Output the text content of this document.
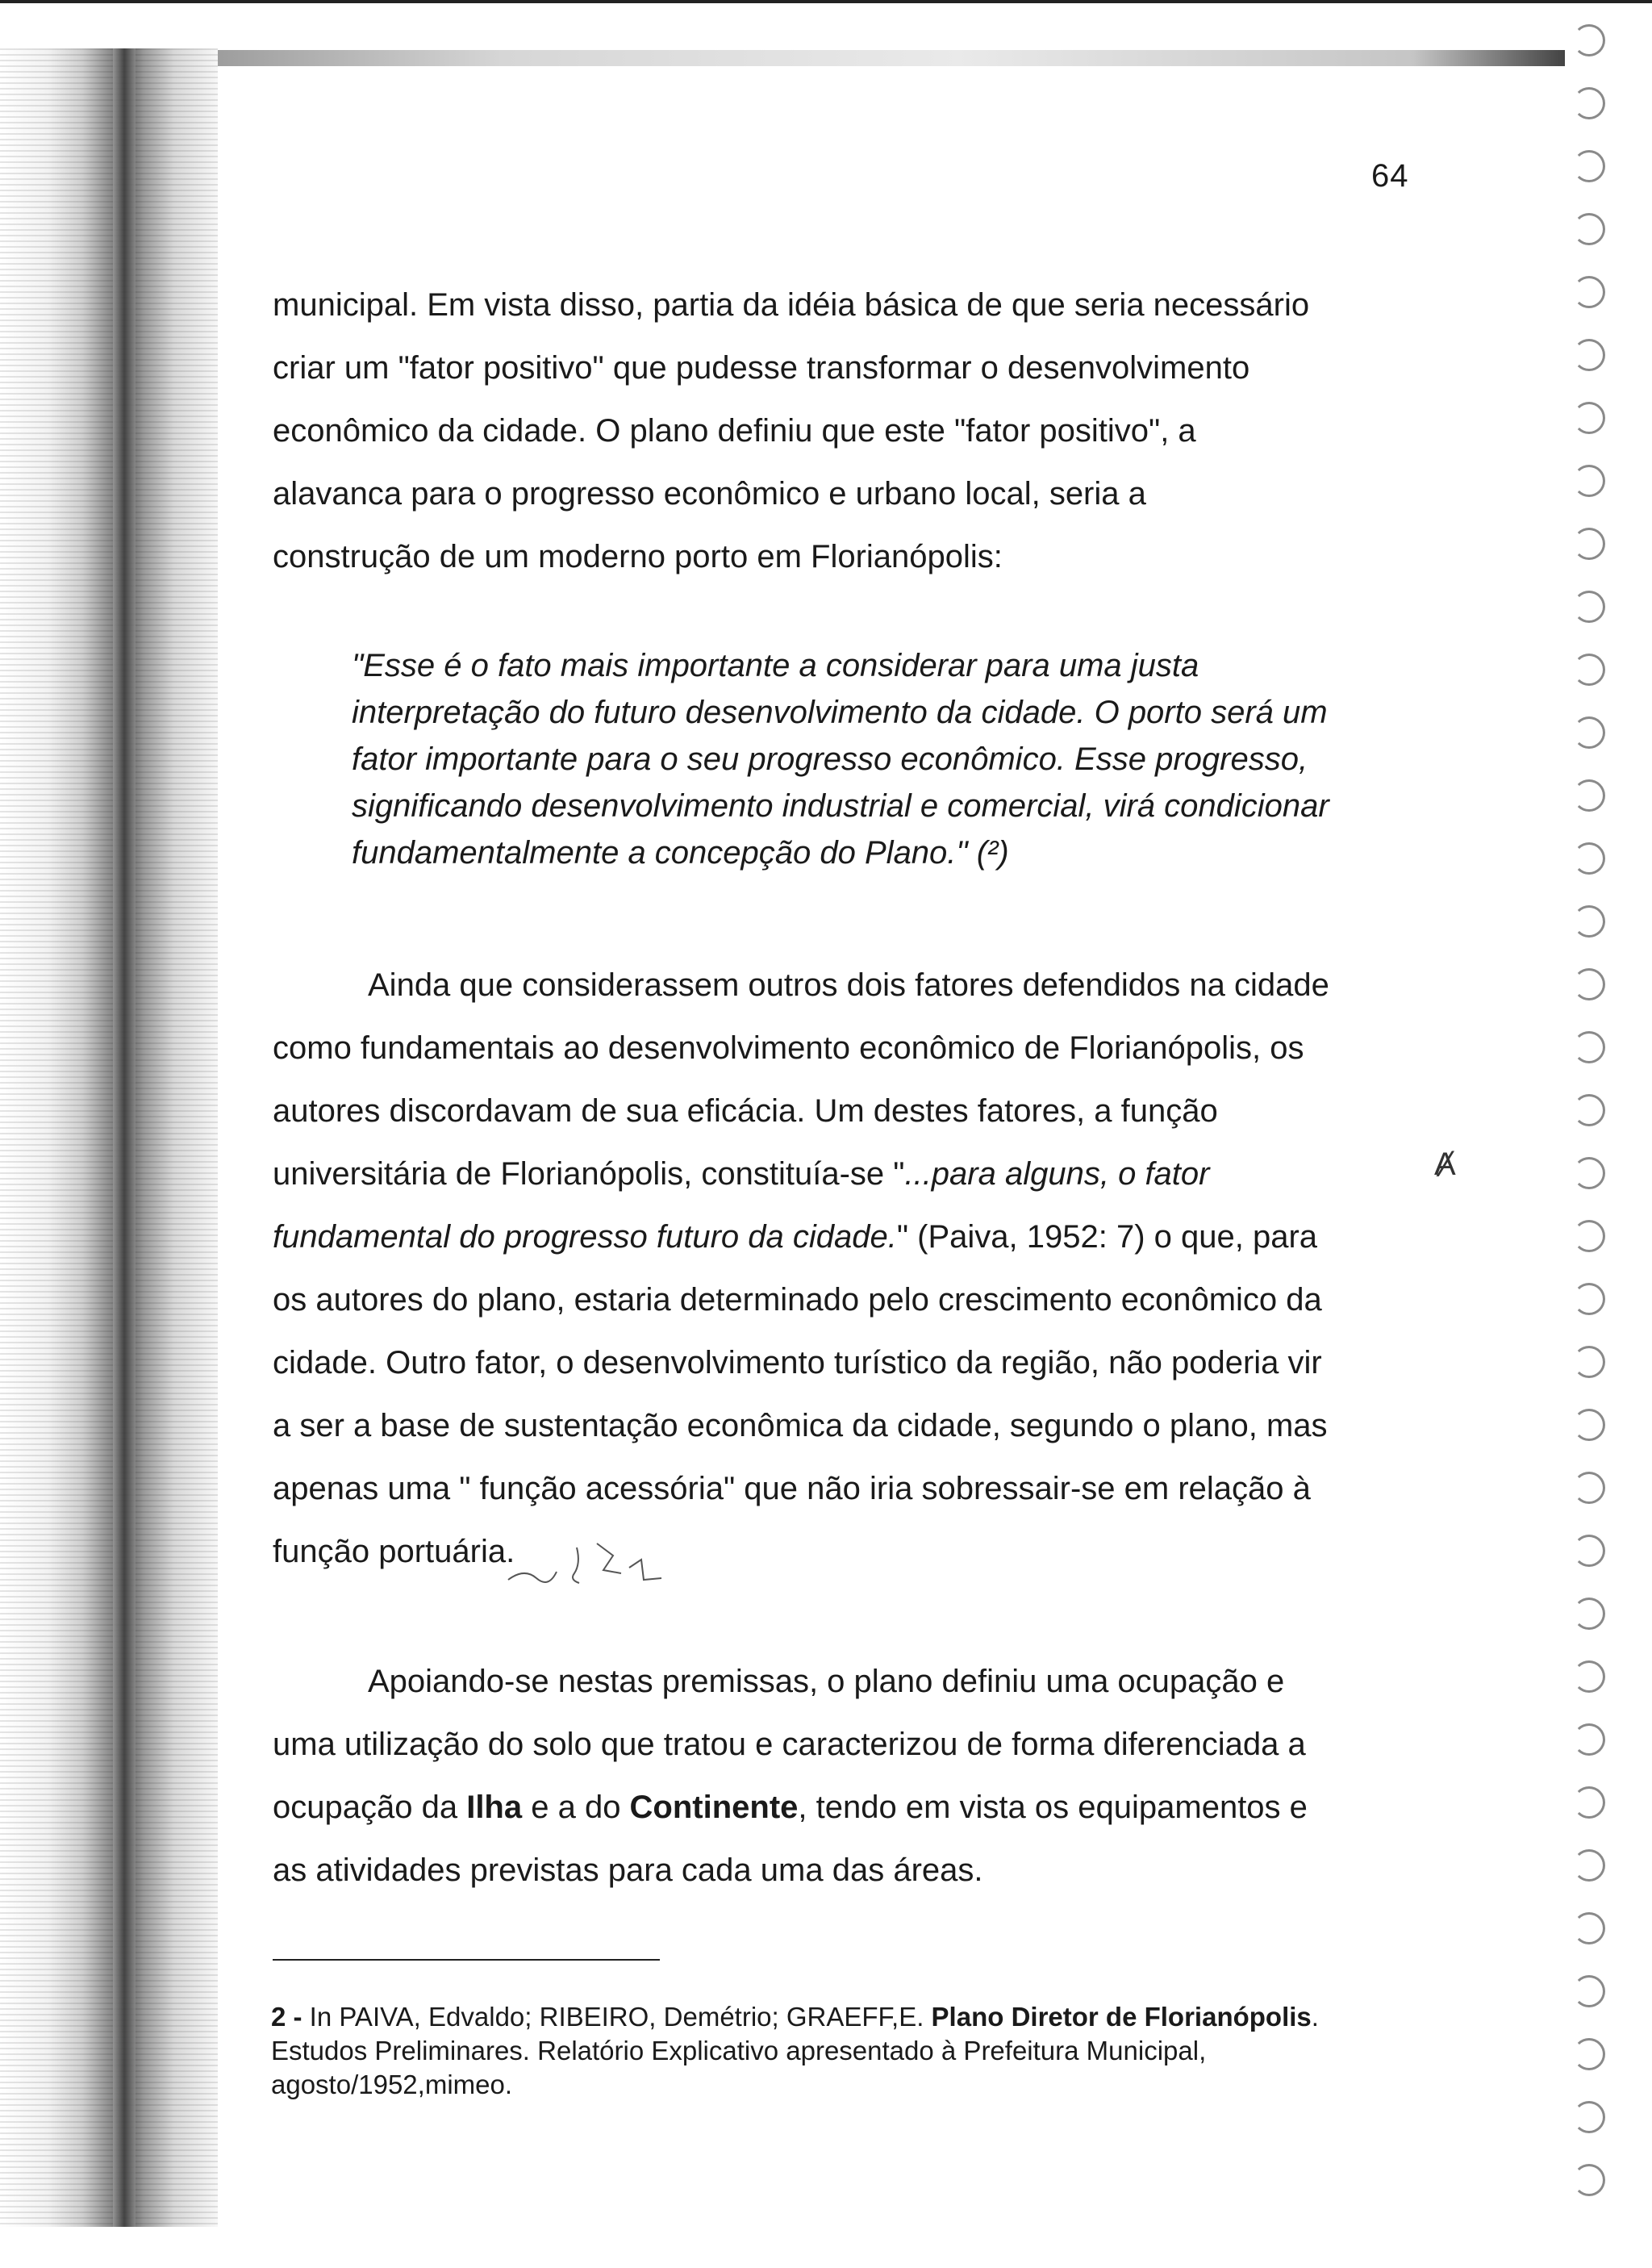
64

municipal. Em vista disso, partia da idéia básica de que seria necessário
criar um "fator positivo" que pudesse transformar o desenvolvimento
econômico da cidade. O plano definiu que este "fator positivo", a
alavanca para o progresso econômico e urbano local, seria a
construção de um moderno porto em Florianópolis:

"Esse é o fato mais importante a considerar para uma justa
interpretação do futuro desenvolvimento da cidade. O porto será um
fator importante para o seu progresso econômico. Esse progresso,
significando desenvolvimento industrial e comercial, virá condicionar
fundamentalmente a concepção do Plano." (²)

Ainda que considerassem outros dois fatores defendidos na cidade
como fundamentais ao desenvolvimento econômico de Florianópolis, os
autores discordavam de sua eficácia. Um destes fatores, a função
universitária de Florianópolis, constituía-se "...para alguns, o fator
fundamental do progresso futuro da cidade." (Paiva, 1952: 7) o que, para
os autores do plano, estaria determinado pelo crescimento econômico da
cidade. Outro fator, o desenvolvimento turístico da região, não poderia vir
a ser a base de sustentação econômica da cidade, segundo o plano, mas
apenas uma " função acessória" que não iria sobressair-se em relação à
função portuária.

Apoiando-se nestas premissas, o plano definiu uma ocupação e
uma utilização do solo que tratou e caracterizou de forma diferenciada a
ocupação da Ilha e a do Continente, tendo em vista os equipamentos e
as atividades previstas para cada uma das áreas.

2 - In PAIVA, Edvaldo; RIBEIRO, Demétrio; GRAEFF,E. Plano Diretor de Florianópolis. Estudos Preliminares. Relatório Explicativo apresentado à Prefeitura Municipal, agosto/1952,mimeo.

Ⱥ
